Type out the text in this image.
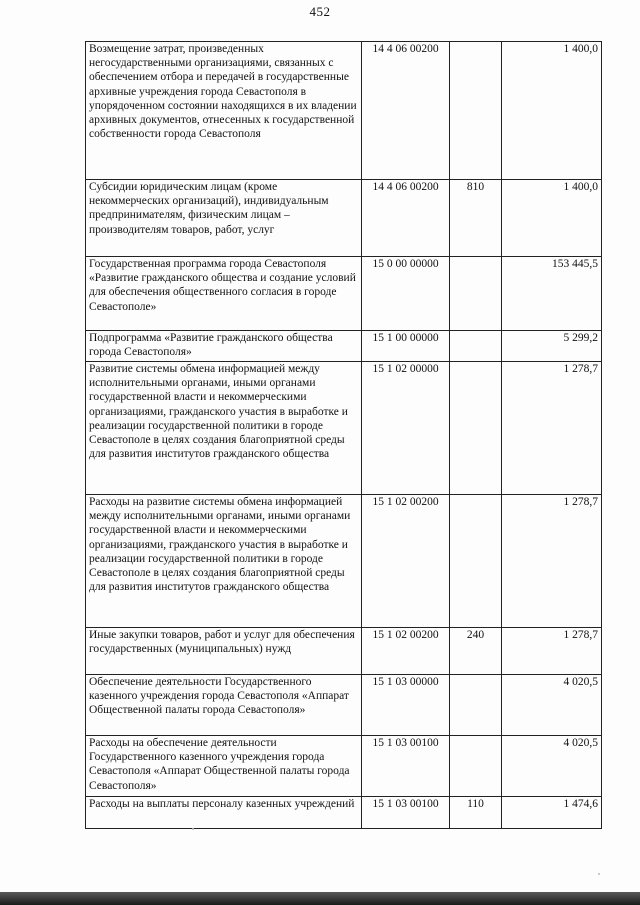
452
Возмещение затрат, произведенных негосударственными организациями, связанных с обеспечением отбора и передачей в государственные архивные учреждения города Севастополя в упорядоченном состоянии находящихся в их владении архивных документов, отнесенных к государственной собственности города Севастополя	14 4 06 00200		1 400,0
Субсидии юридическим лицам (кроме некоммерческих организаций), индивидуальным предпринимателям, физическим лицам – производителям товаров, работ, услуг	14 4 06 00200	810	1 400,0
Государственная программа города Севастополя «Развитие гражданского общества и создание условий для обеспечения общественного согласия в городе Севастополе»	15 0 00 00000		153 445,5
Подпрограмма «Развитие гражданского общества города Севастополя»	15 1 00 00000		5 299,2
Развитие системы обмена информацией между исполнительными органами, иными органами государственной власти и некоммерческими организациями, гражданского участия в выработке и реализации государственной политики в городе Севастополе в целях создания благоприятной среды для развития институтов гражданского общества	15 1 02 00000		1 278,7
Расходы на развитие системы обмена информацией между исполнительными органами, иными органами государственной власти и некоммерческими организациями, гражданского участия в выработке и реализации государственной политики в городе Севастополе в целях создания благоприятной среды для развития институтов гражданского общества	15 1 02 00200		1 278,7
Иные закупки товаров, работ и услуг для обеспечения государственных (муниципальных) нужд	15 1 02 00200	240	1 278,7
Обеспечение деятельности Государственного казенного учреждения города Севастополя «Аппарат Общественной палаты города Севастополя»	15 1 03 00000		4 020,5
Расходы на обеспечение деятельности Государственного казенного учреждения города Севастополя «Аппарат Общественной палаты города Севастополя»	15 1 03 00100		4 020,5
Расходы на выплаты персоналу казенных учреждений	15 1 03 00100	110	1 474,6
